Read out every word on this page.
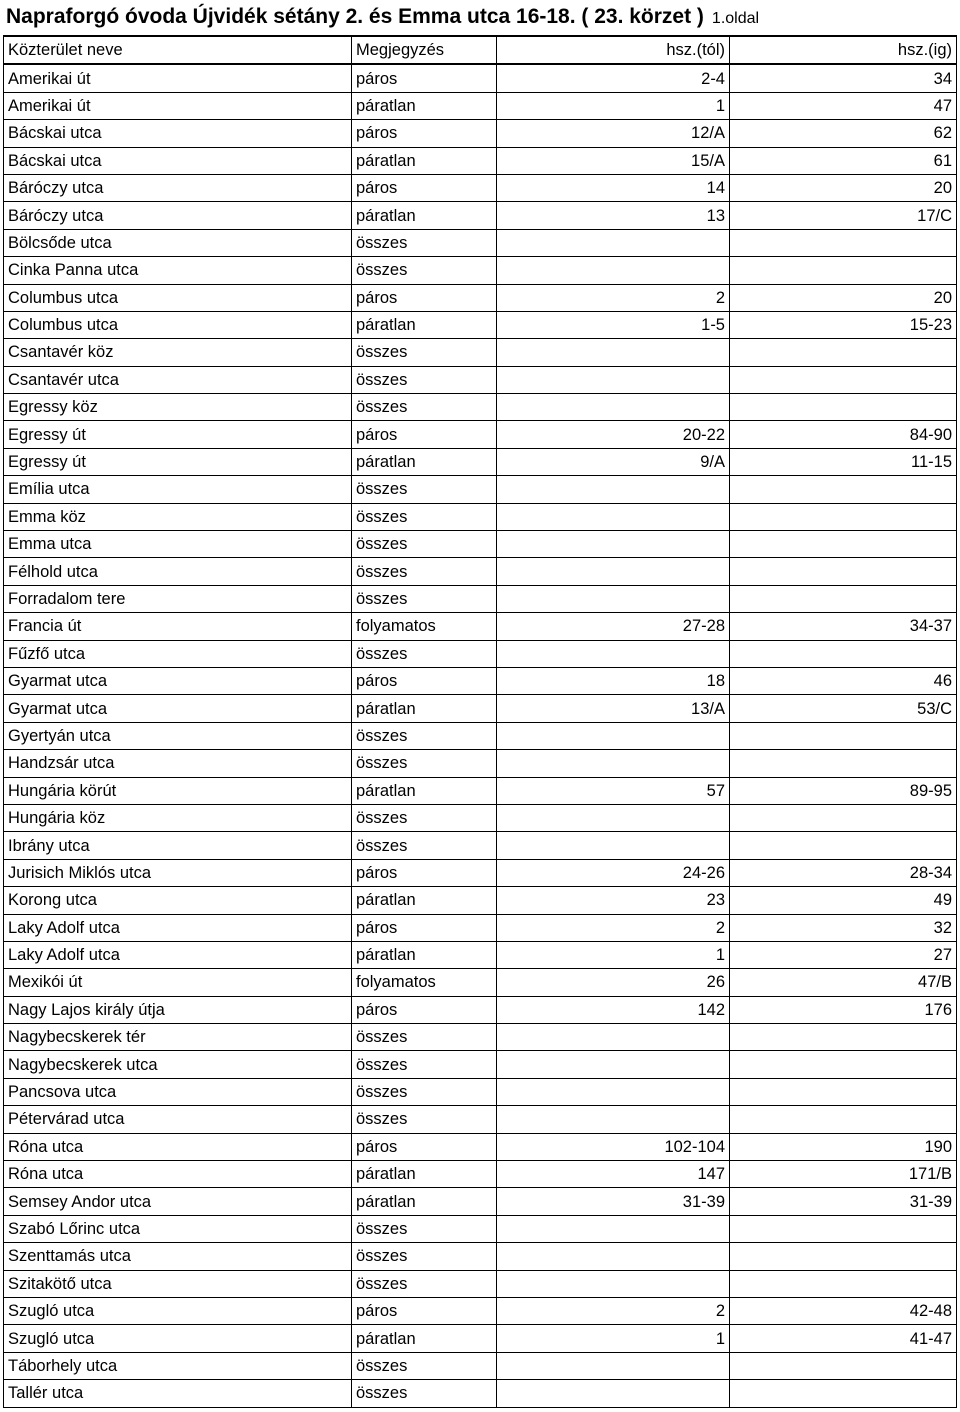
Napraforgó óvoda Újvidék sétány 2. és Emma utca 16-18. ( 23. körzet ) 1.oldal
Közterület neve	Megjegyzés	hsz.(tól)	hsz.(ig)
Amerikai út	páros	2-4	34
Amerikai út	páratlan	1	47
Bácskai utca	páros	12/A	62
Bácskai utca	páratlan	15/A	61
Báróczy utca	páros	14	20
Báróczy utca	páratlan	13	17/C
Bölcsőde utca	összes		
Cinka Panna utca	összes		
Columbus utca	páros	2	20
Columbus utca	páratlan	1-5	15-23
Csantavér köz	összes		
Csantavér utca	összes		
Egressy köz	összes		
Egressy út	páros	20-22	84-90
Egressy út	páratlan	9/A	11-15
Emília utca	összes		
Emma köz	összes		
Emma utca	összes		
Félhold utca	összes		
Forradalom tere	összes		
Francia út	folyamatos	27-28	34-37
Fűzfő utca	összes		
Gyarmat utca	páros	18	46
Gyarmat utca	páratlan	13/A	53/C
Gyertyán utca	összes		
Handzsár utca	összes		
Hungária körút	páratlan	57	89-95
Hungária köz	összes		
Ibrány utca	összes		
Jurisich Miklós utca	páros	24-26	28-34
Korong utca	páratlan	23	49
Laky Adolf utca	páros	2	32
Laky Adolf utca	páratlan	1	27
Mexikói út	folyamatos	26	47/B
Nagy Lajos király útja	páros	142	176
Nagybecskerek tér	összes		
Nagybecskerek utca	összes		
Pancsova utca	összes		
Pétervárad utca	összes		
Róna utca	páros	102-104	190
Róna utca	páratlan	147	171/B
Semsey Andor utca	páratlan	31-39	31-39
Szabó Lőrinc utca	összes		
Szenttamás utca	összes		
Szitakötő utca	összes		
Szugló utca	páros	2	42-48
Szugló utca	páratlan	1	41-47
Táborhely utca	összes		
Tallér utca	összes		
